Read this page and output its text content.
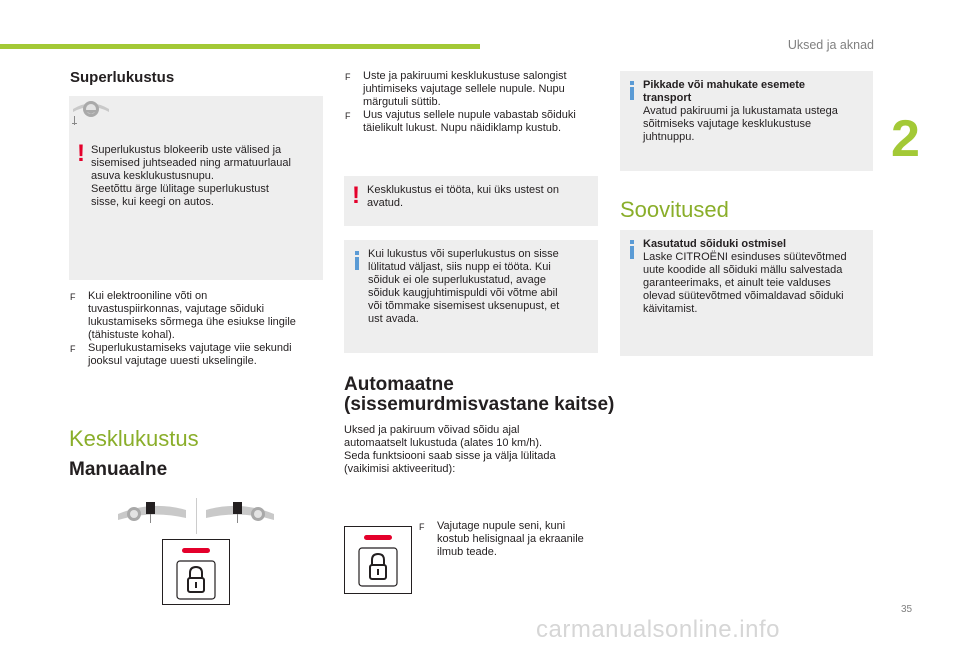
Uksed ja aknad
2
Superlukustus
! Superlukustus blokeerib uste välised ja
sisemised juhtseaded ning armatuurlaual
asuva kesklukustusnupu.
Seetõttu ärge lülitage superlukustust
sisse, kui keegi on autos.
F	Kui elektrooniline võti on
tuvastuspiirkonnas, vajutage sõiduki
lukustamiseks sõrmega ühe esiukse lingile
(tähistuste kohal).
F	Superlukustamiseks vajutage viie sekundi
jooksul vajutage uuesti ukselingile.
Kesklukustus
Manuaalne
F	Uste ja pakiruumi kesklukustuse salongist
juhtimiseks vajutage sellele nupule. Nupu
märgutuli süttib.
F	Uus vajutus sellele nupule vabastab sõiduki
täielikult lukust. Nupu näidiklamp kustub.
! Kesklukustus ei tööta, kui üks ustest on
avatud.
Kui lukustus või superlukustus on sisse
lülitatud väljast, siis nupp ei tööta. Kui
sõiduk ei ole superlukustatud, avage
sõiduk kaugjuhtimispuldi või võtme abil
või tõmmake sisemisest uksenupust, et
ust avada.
Automaatne
(sissemurdmisvastane kaitse)
Uksed ja pakiruum võivad sõidu ajal
automaatselt lukustuda (alates 10 km/h).
Seda funktsiooni saab sisse ja välja lülitada
(vaikimisi aktiveeritud):
F	Vajutage nupule seni, kuni
kostub helisignaal ja ekraanile
ilmub teade.
Pikkade või mahukate esemete
transport
Avatud pakiruumi ja lukustamata ustega
sõitmiseks vajutage kesklukustuse
juhtnuppu.
Soovitused
Kasutatud sõiduki ostmisel
Laske CITROËNI esinduses süütevõtmed
uute koodide all sõiduki mällu salvestada
garanteerimaks, et ainult teie valduses
olevad süütevõtmed võimaldavad sõiduki
käivitamist.
35
carmanualsonline.info
